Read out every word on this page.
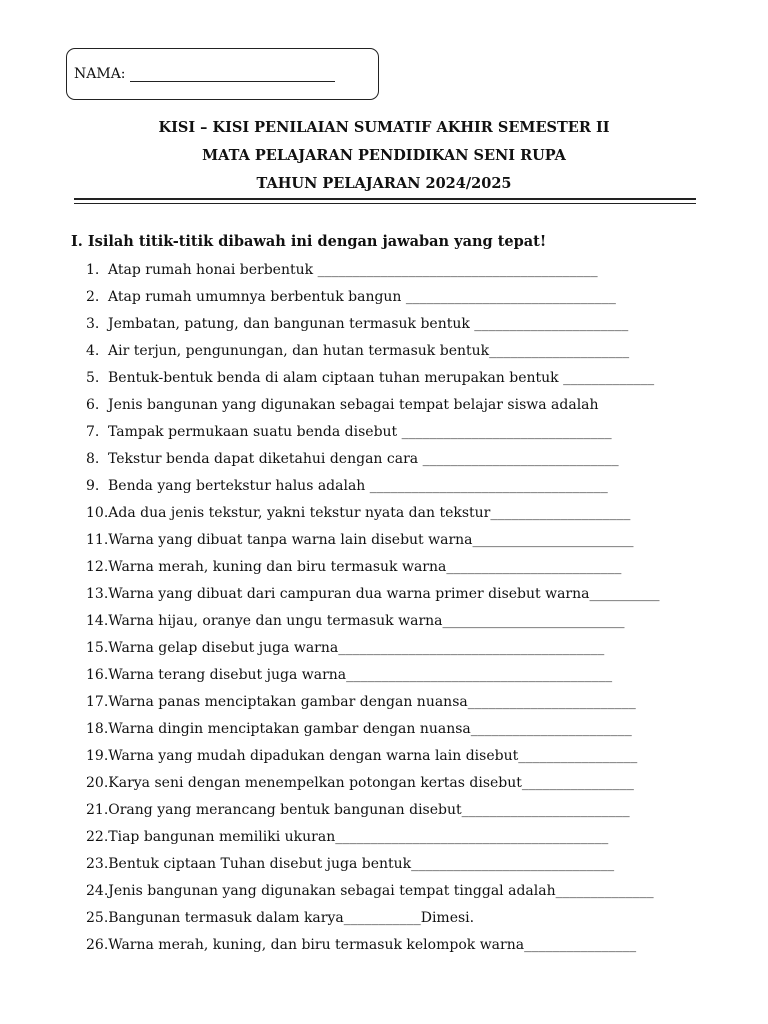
NAMA:
KISI – KISI PENILAIAN SUMATIF AKHIR SEMESTER II
MATA PELAJARAN PENDIDIKAN SENI RUPA
TAHUN PELAJARAN 2024/2025
I. Isilah titik-titik dibawah ini dengan jawaban yang tepat!
1. Atap rumah honai berbentuk ________________________________________
2. Atap rumah umumnya berbentuk bangun ______________________________
3. Jembatan, patung, dan bangunan termasuk bentuk ______________________
4. Air terjun, pengunungan, dan hutan termasuk bentuk____________________
5. Bentuk-bentuk benda di alam ciptaan tuhan merupakan bentuk _____________
6. Jenis bangunan yang digunakan sebagai tempat belajar siswa adalah
7. Tampak permukaan suatu benda disebut ______________________________
8. Tekstur benda dapat diketahui dengan cara ____________________________
9. Benda yang bertekstur halus adalah __________________________________
10.Ada dua jenis tekstur, yakni tekstur nyata dan tekstur____________________
11.Warna yang dibuat tanpa warna lain disebut warna_______________________
12.Warna merah, kuning dan biru termasuk warna_________________________
13.Warna yang dibuat dari campuran dua warna primer disebut warna__________
14.Warna hijau, oranye dan ungu termasuk warna__________________________
15.Warna gelap disebut juga warna______________________________________
16.Warna terang disebut juga warna______________________________________
17.Warna panas menciptakan gambar dengan nuansa________________________
18.Warna dingin menciptakan gambar dengan nuansa_______________________
19.Warna yang mudah dipadukan dengan warna lain disebut_________________
20.Karya seni dengan menempelkan potongan kertas disebut________________
21.Orang yang merancang bentuk bangunan disebut________________________
22.Tiap bangunan memiliki ukuran_______________________________________
23.Bentuk ciptaan Tuhan disebut juga bentuk_____________________________
24.Jenis bangunan yang digunakan sebagai tempat tinggal adalah______________
25.Bangunan termasuk dalam karya___________Dimesi.
26.Warna merah, kuning, dan biru termasuk kelompok warna________________
